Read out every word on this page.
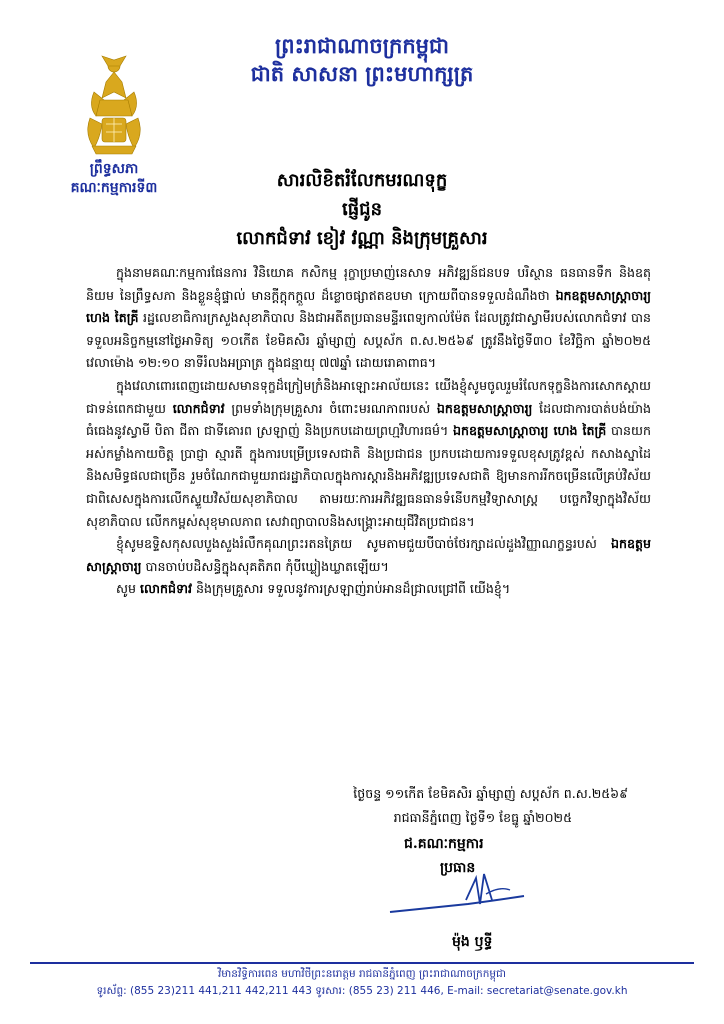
ព្រះរាជាណាចក្រកម្ពុជា
ជាតិ សាសនា ព្រះមហាក្សត្រ
ព្រឹទ្ធសភា
គណៈកម្មការទី៣	សារលិខិតរំលែកមរណទុក្ខ
ផ្ញើជូន
លោកជំទាវ ខៀវ វណ្ណា និងក្រុមគ្រួសារ

ក្នុងនាមគណៈកម្មការផែនការ វិនិយោគ កសិកម្ម រុក្ខាប្រមាញ់នេសាទ អភិវឌ្ឍន៍ជនបទ បរិស្ថាន ធនធានទឹក និងឧតុនិយម នៃព្រឹទ្ធសភា និងខ្លួនខ្ញុំផ្ទាល់ មានក្តីក្តុកក្តួល ដ៏ខ្លោចផ្សាឥតឧបមា ក្រោយពីបានទទួលដំណឹងថា ឯកឧត្តមសាស្ត្រាចារ្យ ហេង តៃគ្រី រដ្ឋលេខាធិការក្រសួងសុខាភិបាល និងជាអតីតប្រធានមន្ទីរពេទ្យកាល់ម៉ែត ដែលត្រូវជាស្វាមីរបស់លោកជំទាវ បានទទួលអនិច្ចកម្មនៅថ្ងៃអាទិត្យ ១០កើត ខែមិគសិរ ឆ្នាំម្សាញ់ សប្តស័ក ព.ស.២៥៦៩ ត្រូវនឹងថ្ងៃទី៣០ ខែវិច្ឆិកា ឆ្នាំ២០២៥ វេលាម៉ោង ១២:១០ នាទីរំលងអធ្រាត្រ ក្នុងជន្មាយុ ៧៧ឆ្នាំ ដោយរោគាពាធ។

ក្នុងវេលាពោរពេញដោយសមានទុក្ខដ៏ក្រៀមក្រំនិងអាឡោះអាល័យនេះ យើងខ្ញុំសូមចូលរួមរំលែកទុក្ខនិងការសោកស្តាយជាទន់ពេកជាមួយ លោកជំទាវ ព្រមទាំងក្រុមគ្រួសារ ចំពោះមរណភាពរបស់ ឯកឧត្តមសាស្ត្រាចារ្យ ដែលជាការបាត់បង់យ៉ាងធំធេងនូវស្វាមី បិតា ជីតា ជាទីគោរព ស្រឡាញ់ និងប្រកបដោយព្រហ្មវិហារធម៌។ ឯកឧត្តមសាស្ត្រាចារ្យ ហេង តៃគ្រី បានយកអស់កម្លាំងកាយចិត្ត ប្រាជ្ញា ស្មារតី ក្នុងការបម្រើប្រទេសជាតិ និងប្រជាជន ប្រកបដោយការទទួលខុសត្រូវខ្ពស់ កសាងស្នាដៃ និងសមិទ្ធផលជាច្រើន រួមចំណែកជាមួយរាជរដ្ឋាភិបាលក្នុងការស្តារនិងអភិវឌ្ឍប្រទេសជាតិ ឱ្យមានការរីកចម្រើនលើគ្រប់វិស័យ ជាពិសេសក្នុងការលើកស្ទួយវិស័យសុខាភិបាល តាមរយៈការអភិវឌ្ឍធនធានទំនើបកម្មវិទ្យាសាស្ត្រ បច្ចេកវិទ្យាក្នុងវិស័យសុខាភិបាល លើកកម្ពស់សុខុមាលភាព សេវាព្យាបាលនិងសង្គ្រោះអាយុជីវិតប្រជាជន។

ខ្ញុំសូមឧទ្ទិសកុសលបួងសួងរំលឹកគុណព្រះរតនត្រៃយ សូមតាមជួយបីបាច់ថែរក្សាដល់ដួងវិញ្ញាណក្ខន្ធរបស់ ឯកឧត្តមសាស្ត្រាចារ្យ បានចាប់បដិសន្ធិក្នុងសុគតិភព កុំបីឃ្លៀងឃ្លាតឡើយ។

សូម លោកជំទាវ និងក្រុមគ្រួសារ ទទួលនូវការស្រឡាញ់រាប់អានដ៏ជ្រាលជ្រៅពី យើងខ្ញុំ។

ថ្ងៃចន្ទ ១១កើត ខែមិគសិរ ឆ្នាំម្សាញ់ សប្តស័ក ព.ស.២៥៦៩
រាជធានីភ្នំពេញ ថ្ងៃទី១ ខែធ្នូ ឆ្នាំ២០២៥
ជ.គណៈកម្មការ
ប្រធាន
ម៉ុង ឫទ្ធី
វិមានវិទ្ធិការពេន មហាវិថីព្រះនរោត្តម រាជធានីភ្នំពេញ ព្រះរាជាណាចក្រកម្ពុជា
ទូរស័ព្ទ: (855 23)211 441,211 442,211 443 ទូរសារ: (855 23) 211 446, E-mail: secretariat@senate.gov.kh
